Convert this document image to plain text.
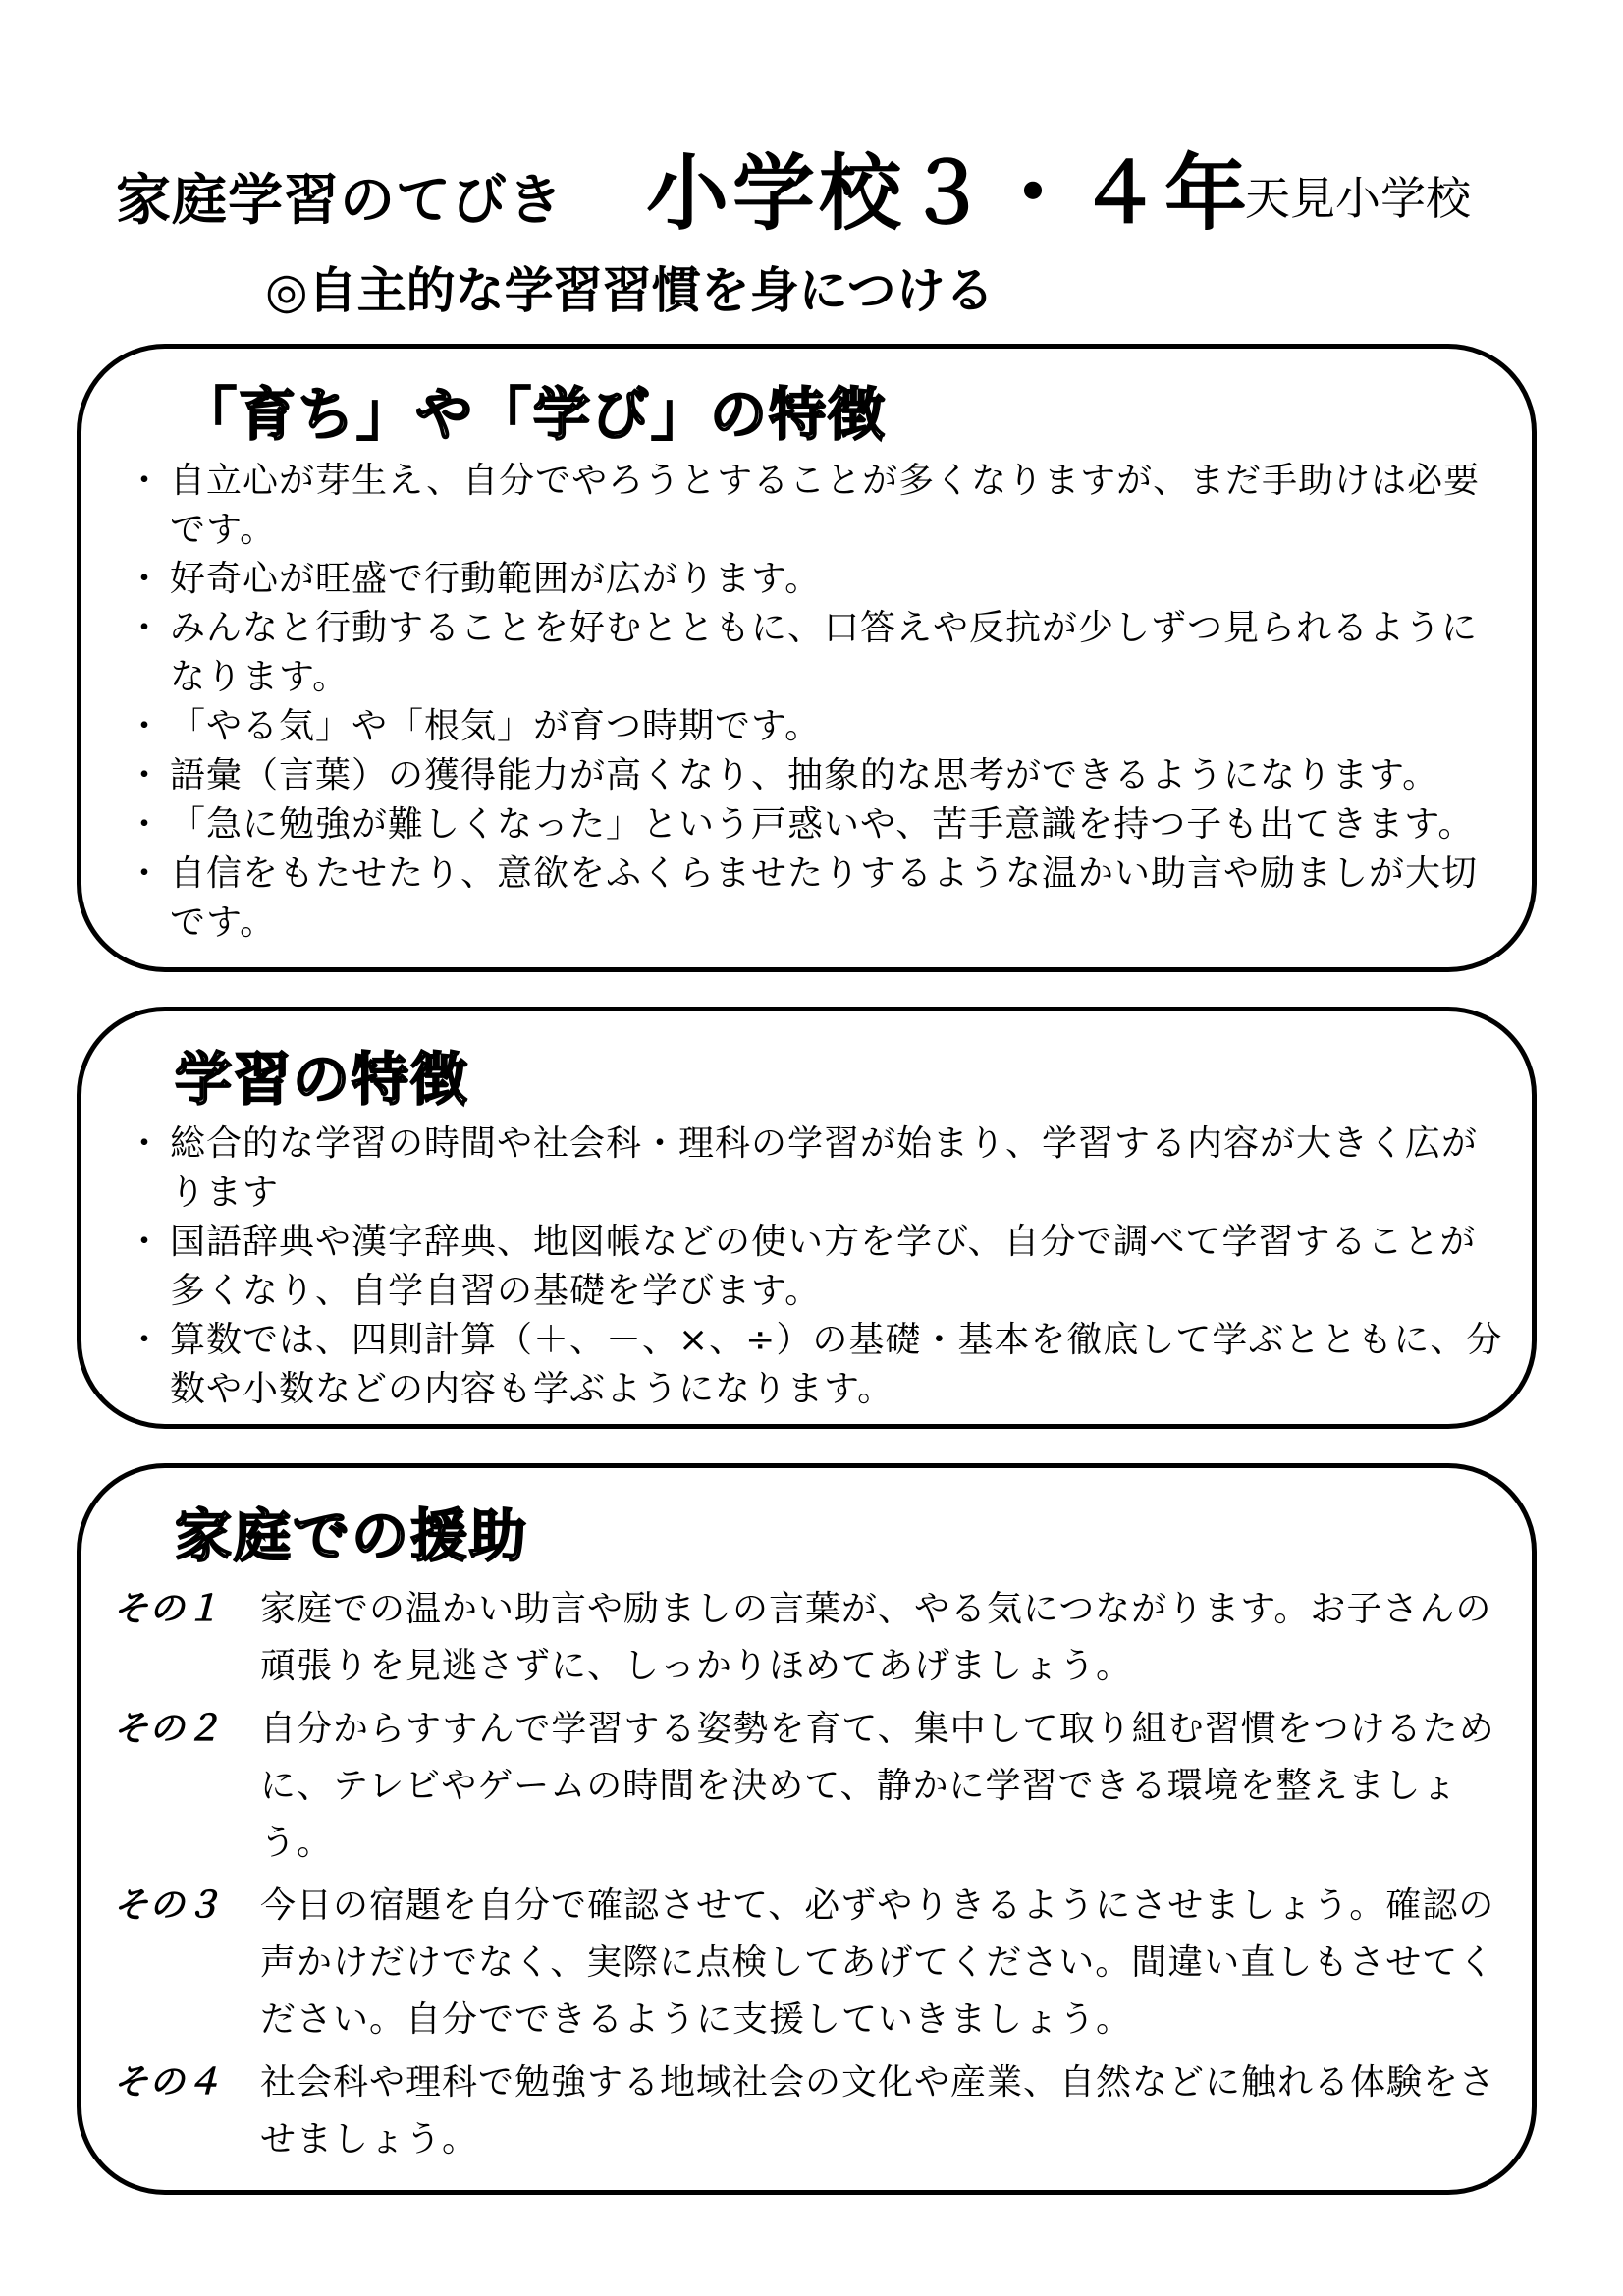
家庭学習のてびき 小学校３・４年
天見小学校
◎自主的な学習習慣を身につける
「育ち」や「学び」の特徴
・ 自立心が芽生え、自分でやろうとすることが多くなりますが、まだ手助けは必要です。
・ 好奇心が旺盛で行動範囲が広がります。
・ みんなと行動することを好むとともに、口答えや反抗が少しずつ見られるようになります。
・ 「やる気」や「根気」が育つ時期です。
・ 語彙（言葉）の獲得能力が高くなり、抽象的な思考ができるようになります。
・ 「急に勉強が難しくなった」という戸惑いや、苦手意識を持つ子も出てきます。
・ 自信をもたせたり、意欲をふくらませたりするような温かい助言や励ましが大切です。
学習の特徴
・ 総合的な学習の時間や社会科・理科の学習が始まり、学習する内容が大きく広がります
・ 国語辞典や漢字辞典、地図帳などの使い方を学び、自分で調べて学習することが多くなり、自学自習の基礎を学びます。
・ 算数では、四則計算（＋、－、×、÷）の基礎・基本を徹底して学ぶとともに、分数や小数などの内容も学ぶようになります。
家庭での援助
その１	家庭での温かい助言や励ましの言葉が、やる気につながります。お子さんの頑張りを見逃さずに、しっかりほめてあげましょう。
その２	自分からすすんで学習する姿勢を育て、集中して取り組む習慣をつけるために、テレビやゲームの時間を決めて、静かに学習できる環境を整えましょう。
その３	今日の宿題を自分で確認させて、必ずやりきるようにさせましょう。確認の声かけだけでなく、実際に点検してあげてください。間違い直しもさせてください。自分でできるように支援していきましょう。
その４	社会科や理科で勉強する地域社会の文化や産業、自然などに触れる体験をさせましょう。
